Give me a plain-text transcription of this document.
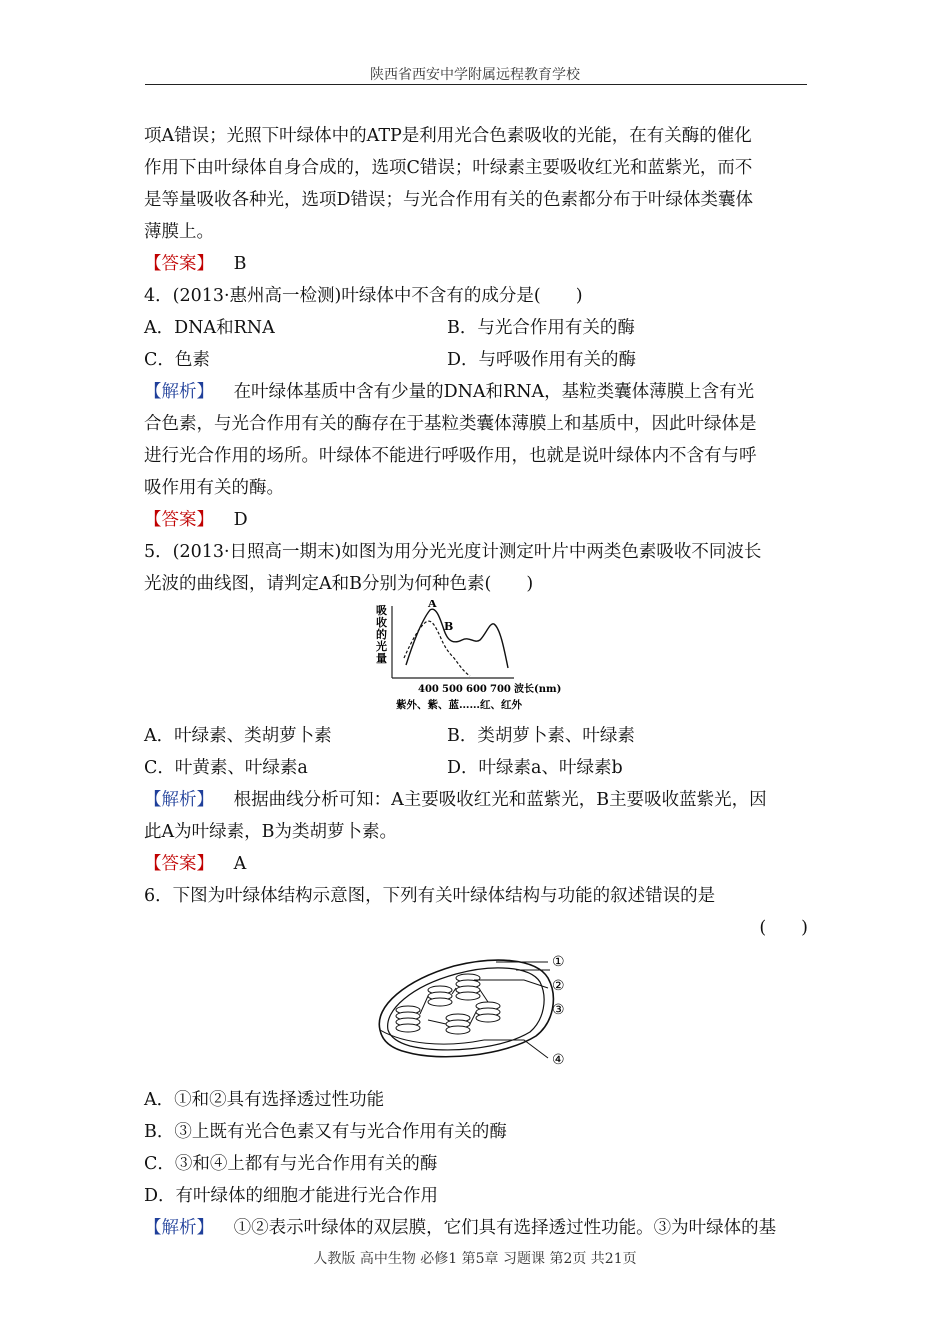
陕西省西安中学附属远程教育学校
项A错误；光照下叶绿体中的ATP是利用光合色素吸收的光能，在有关酶的催化
作用下由叶绿体自身合成的，选项C错误；叶绿素主要吸收红光和蓝紫光，而不
是等量吸收各种光，选项D错误；与光合作用有关的色素都分布于叶绿体类囊体
薄膜上。
【答案】 B
4．(2013·惠州高一检测)叶绿体中不含有的成分是(　　)
A．DNA和RNA	B．与光合作用有关的酶
C．色素	D．与呼吸作用有关的酶
【解析】 在叶绿体基质中含有少量的DNA和RNA，基粒类囊体薄膜上含有光
合色素，与光合作用有关的酶存在于基粒类囊体薄膜上和基质中，因此叶绿体是
进行光合作用的场所。叶绿体不能进行呼吸作用，也就是说叶绿体内不含有与呼
吸作用有关的酶。
【答案】 D
5．(2013·日照高一期末)如图为用分光光度计测定叶片中两类色素吸收不同波长
光波的曲线图，请判定A和B分别为何种色素(　　)
吸
收
的
光
量
A
B
400 500 600 700 波长(nm)
紫外、紫、蓝……红、红外
A．叶绿素、类胡萝卜素	B．类胡萝卜素、叶绿素
C．叶黄素、叶绿素a	D．叶绿素a、叶绿素b
【解析】 根据曲线分析可知：A主要吸收红光和蓝紫光，B主要吸收蓝紫光，因
此A为叶绿素，B为类胡萝卜素。
【答案】 A
6．下图为叶绿体结构示意图，下列有关叶绿体结构与功能的叙述错误的是
(　　)
①
②
③
④
A．①和②具有选择透过性功能
B．③上既有光合色素又有与光合作用有关的酶
C．③和④上都有与光合作用有关的酶
D．有叶绿体的细胞才能进行光合作用
【解析】 ①②表示叶绿体的双层膜，它们具有选择透过性功能。③为叶绿体的基
人教版 高中生物 必修1 第5章 习题课 第2页 共21页
